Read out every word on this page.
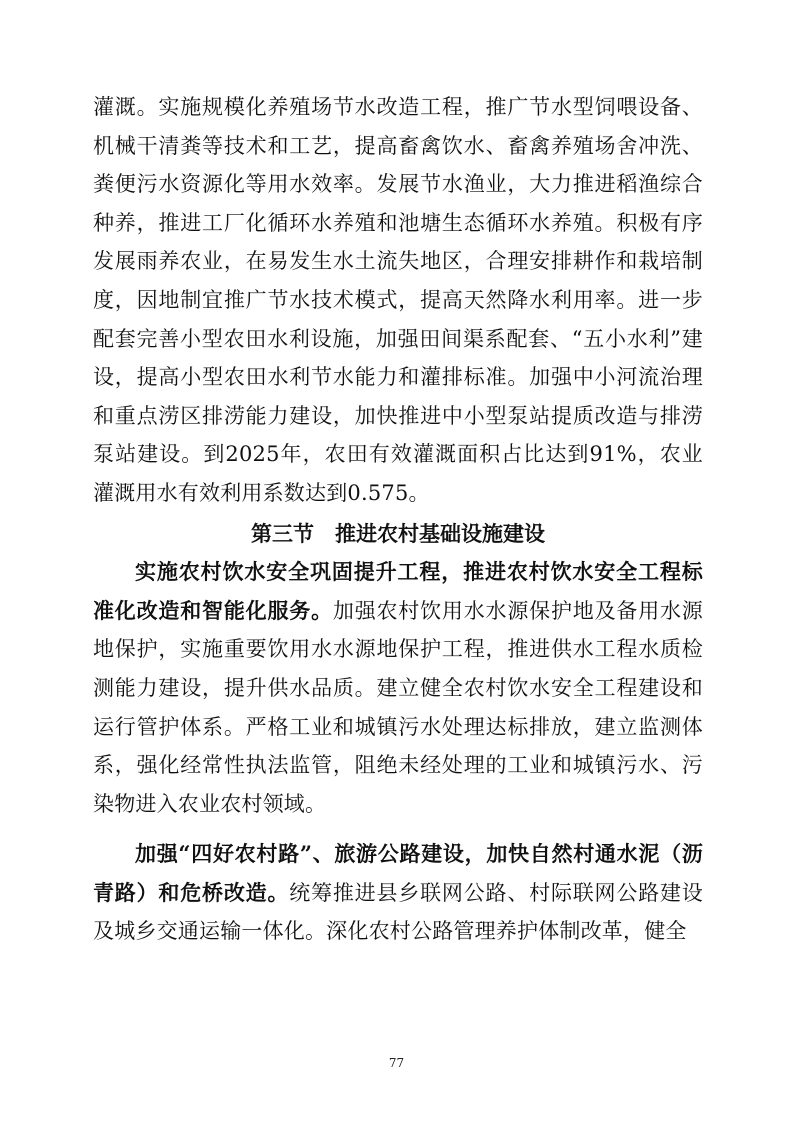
灌溉。实施规模化养殖场节水改造工程，推广节水型饲喂设备、机械干清粪等技术和工艺，提高畜禽饮水、畜禽养殖场舍冲洗、粪便污水资源化等用水效率。发展节水渔业，大力推进稻渔综合种养，推进工厂化循环水养殖和池塘生态循环水养殖。积极有序发展雨养农业，在易发生水土流失地区，合理安排耕作和栽培制度，因地制宜推广节水技术模式，提高天然降水利用率。进一步配套完善小型农田水利设施，加强田间渠系配套、“五小水利”建设，提高小型农田水利节水能力和灌排标准。加强中小河流治理和重点涝区排涝能力建设，加快推进中小型泵站提质改造与排涝泵站建设。到2025年，农田有效灌溉面积占比达到91%，农业灌溉用水有效利用系数达到0.575。

第三节 推进农村基础设施建设

实施农村饮水安全巩固提升工程，推进农村饮水安全工程标准化改造和智能化服务。加强农村饮用水水源保护地及备用水源地保护，实施重要饮用水水源地保护工程，推进供水工程水质检测能力建设，提升供水品质。建立健全农村饮水安全工程建设和运行管护体系。严格工业和城镇污水处理达标排放，建立监测体系，强化经常性执法监管，阻绝未经处理的工业和城镇污水、污染物进入农业农村领域。

加强“四好农村路”、旅游公路建设，加快自然村通水泥（沥青路）和危桥改造。统筹推进县乡联网公路、村际联网公路建设及城乡交通运输一体化。深化农村公路管理养护体制改革，健全

77
